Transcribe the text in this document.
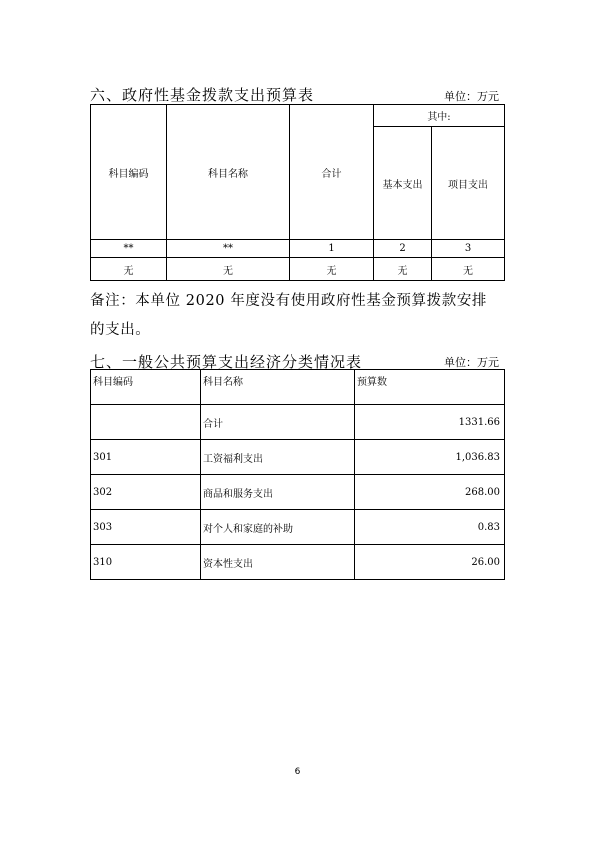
六、政府性基金拨款支出预算表	单位：万元
科目编码	科目名称	合计	其中:	
			基本支出	项目支出
**	**	1	2	3
无	无	无	无	无
备注：本单位 2020 年度没有使用政府性基金预算拨款安排
的支出。
七、一般公共预算支出经济分类情况表	单位：万元
科目编码	科目名称	预算数
	合计	1331.66
301	工资福利支出	1,036.83
302	商品和服务支出	268.00
303	对个人和家庭的补助	0.83
310	资本性支出	26.00
6
